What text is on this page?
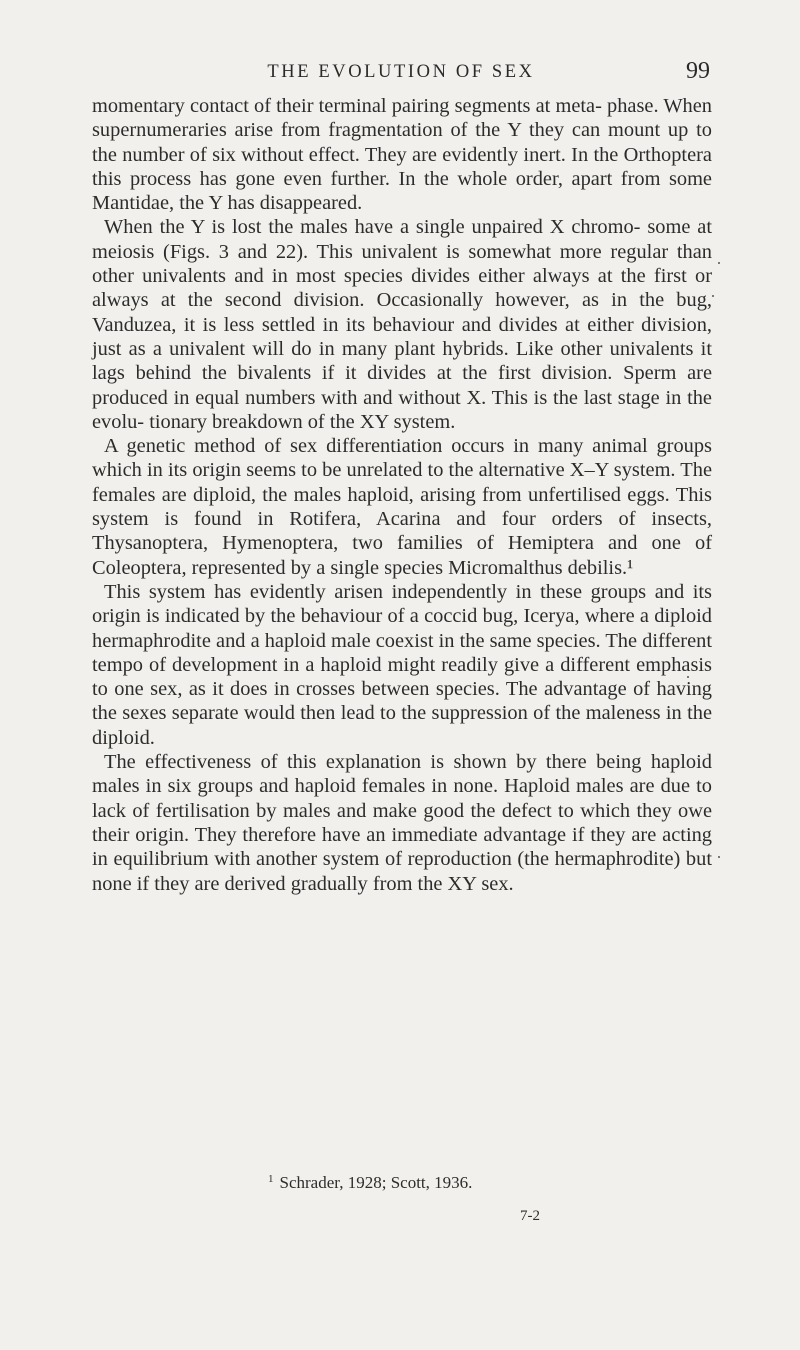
THE EVOLUTION OF SEX	99

momentary contact of their terminal pairing segments at meta- phase. When supernumeraries arise from fragmentation of the Y they can mount up to the number of six without effect. They are evidently inert. In the Orthoptera this process has gone even further. In the whole order, apart from some Mantidae, the Y has disappeared.

When the Y is lost the males have a single unpaired X chromo- some at meiosis (Figs. 3 and 22). This univalent is somewhat more regular than other univalents and in most species divides either always at the first or always at the second division. Occasionally however, as in the bug, Vanduzea, it is less settled in its behaviour and divides at either division, just as a univalent will do in many plant hybrids. Like other univalents it lags behind the bivalents if it divides at the first division. Sperm are produced in equal numbers with and without X. This is the last stage in the evolu- tionary breakdown of the XY system.

A genetic method of sex differentiation occurs in many animal groups which in its origin seems to be unrelated to the alternative X–Y system. The females are diploid, the males haploid, arising from unfertilised eggs. This system is found in Rotifera, Acarina and four orders of insects, Thysanoptera, Hymenoptera, two families of Hemiptera and one of Coleoptera, represented by a single species Micromalthus debilis.¹

This system has evidently arisen independently in these groups and its origin is indicated by the behaviour of a coccid bug, Icerya, where a diploid hermaphrodite and a haploid male coexist in the same species. The different tempo of development in a haploid might readily give a different emphasis to one sex, as it does in crosses between species. The advantage of having the sexes separate would then lead to the suppression of the maleness in the diploid.

The effectiveness of this explanation is shown by there being haploid males in six groups and haploid females in none. Haploid males are due to lack of fertilisation by males and make good the defect to which they owe their origin. They therefore have an immediate advantage if they are acting in equilibrium with another system of reproduction (the hermaphrodite) but none if they are derived gradually from the XY sex.

$^1$ Schrader, 1928; Scott, 1936.
7-2
